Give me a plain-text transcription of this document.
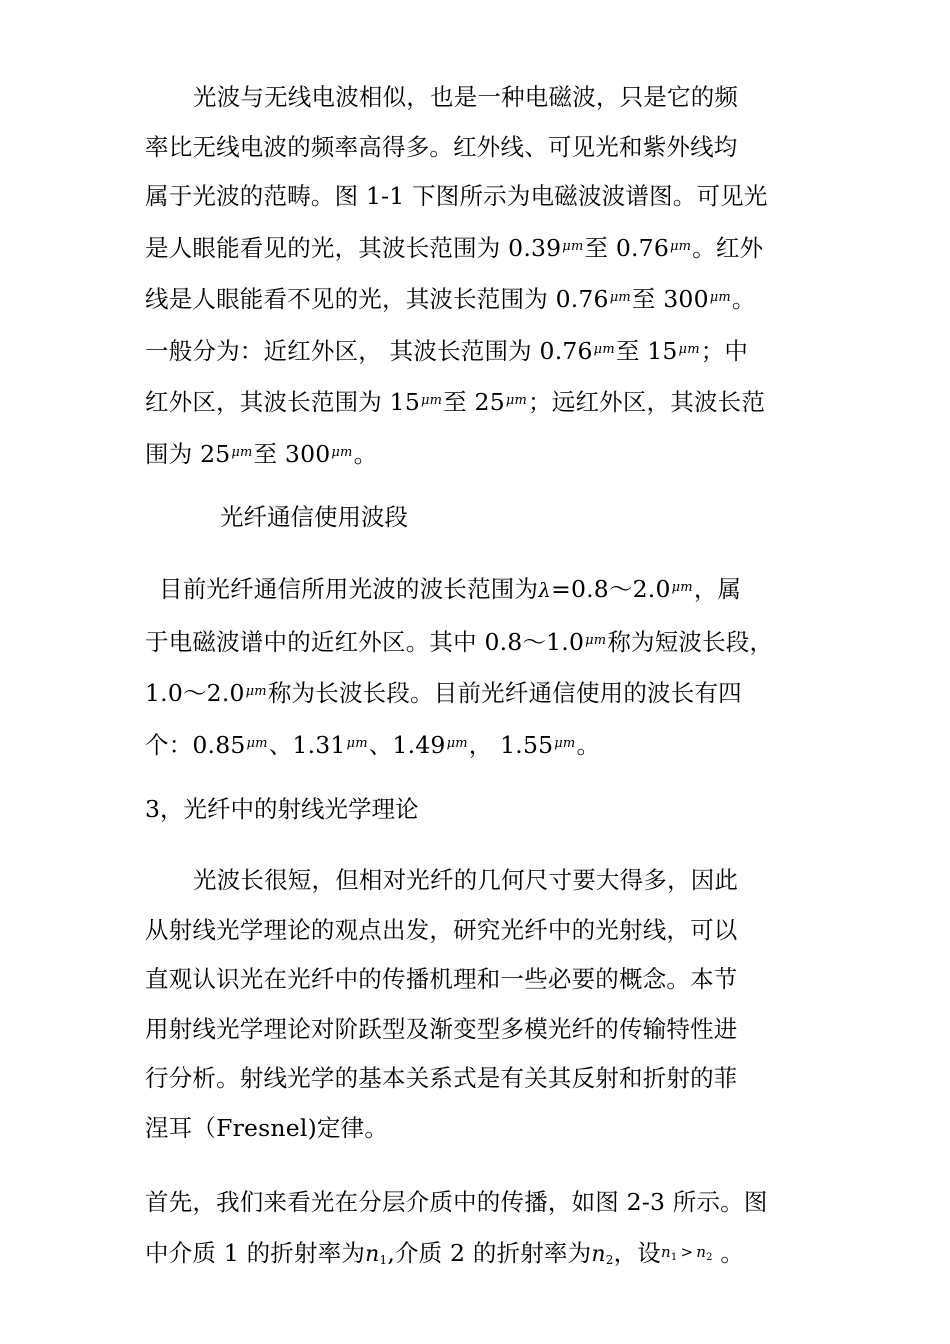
光波与无线电波相似，也是一种电磁波，只是它的频
率比无线电波的频率高得多。红外线、可见光和紫外线均
属于光波的范畴。图 1-1 下图所示为电磁波波谱图。可见光
是人眼能看见的光，其波长范围为 $0.39^{\mu m}$至 $0.76^{\mu m}$。红外
线是人眼能看不见的光，其波长范围为 $0.76^{\mu m}$至 $300^{\mu m}$。
一般分为：近红外区， 其波长范围为 $0.76^{\mu m}$至 $15^{\mu m}$；中
红外区，其波长范围为 $15^{\mu m}$至 $25^{\mu m}$；远红外区，其波长范
围为 $25^{\mu m}$至 $300^{\mu m}$。
光纤通信使用波段
目前光纤通信所用光波的波长范围为$\lambda=0.8\sim 2.0^{\mu m}$，属
于电磁波谱中的近红外区。其中 $0.8\sim 1.0^{\mu m}$称为短波长段，
$1.0\sim 2.0^{\mu m}$称为长波长段。目前光纤通信使用的波长有四
个：$0.85^{\mu m}$、$1.31^{\mu m}$、$1.49^{\mu m}$， $1.55^{\mu m}$。
3，光纤中的射线光学理论
光波长很短，但相对光纤的几何尺寸要大得多，因此
从射线光学理论的观点出发，研究光纤中的光射线，可以
直观认识光在光纤中的传播机理和一些必要的概念。本节
用射线光学理论对阶跃型及渐变型多模光纤的传输特性进
行分析。射线光学的基本关系式是有关其反射和折射的菲
涅耳（Fresnel)定律。
首先，我们来看光在分层介质中的传播，如图 2-3 所示。图
中介质 1 的折射率为n1,介质 2 的折射率为n2，设n1 > n2 。
